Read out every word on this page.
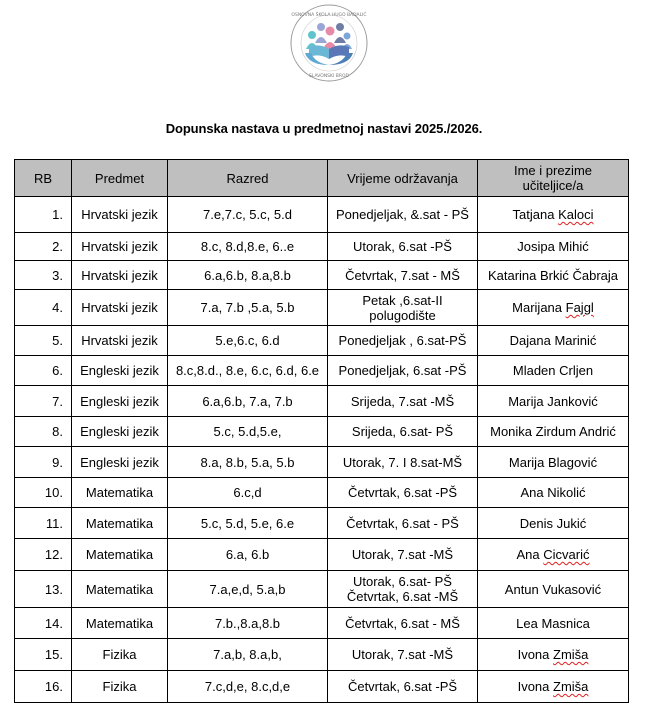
OSNOVNA ŠKOLA HUGO BADALIĆ
SLAVONSKI BROD
Dopunska nastava u predmetnoj nastavi 2025./2026.
RB	Predmet	Razred	Vrijeme održavanja	Ime i prezime učiteljice/a
1.	Hrvatski jezik	7.e,7.c, 5.c, 5.d	Ponedjeljak, &.sat - PŠ	Tatjana Kaloci
2.	Hrvatski jezik	8.c, 8.d,8.e, 6..e	Utorak, 6.sat -PŠ	Josipa Mihić
3.	Hrvatski jezik	6.a,6.b, 8.a,8.b	Četvrtak, 7.sat - MŠ	Katarina Brkić Čabraja
4.	Hrvatski jezik	7.a, 7.b ,5.a, 5.b	Petak ,6.sat-II polugodište	Marijana Fajgl
5.	Hrvatski jezik	5.e,6.c, 6.d	Ponedjeljak , 6.sat-PŠ	Dajana Marinić
6.	Engleski jezik	8.c,8.d., 8.e, 6.c, 6.d, 6.e	Ponedjeljak, 6.sat -PŠ	Mladen Crljen
7.	Engleski jezik	6.a,6.b, 7.a, 7.b	Srijeda, 7.sat -MŠ	Marija Janković
8.	Engleski jezik	5.c, 5.d,5.e,	Srijeda, 6.sat- PŠ	Monika Zirdum Andrić
9.	Engleski jezik	8.a, 8.b, 5.a, 5.b	Utorak, 7. I 8.sat-MŠ	Marija Blagović
10.	Matematika	6.c,d	Četvrtak, 6.sat -PŠ	Ana Nikolić
11.	Matematika	5.c, 5.d, 5.e, 6.e	Četvrtak, 6.sat - PŠ	Denis Jukić
12.	Matematika	6.a, 6.b	Utorak, 7.sat -MŠ	Ana Cicvarić
13.	Matematika	7.a,e,d, 5.a,b	Utorak, 6.sat- PŠ Četvrtak, 6.sat -MŠ	Antun Vukasović
14.	Matematika	7.b.,8.a,8.b	Četvrtak, 6.sat - MŠ	Lea Masnica
15.	Fizika	7.a,b, 8.a,b,	Utorak, 7.sat -MŠ	Ivona Zmiša
16.	Fizika	7.c,d,e, 8.c,d,e	Četvrtak, 6.sat -PŠ	Ivona Zmiša
